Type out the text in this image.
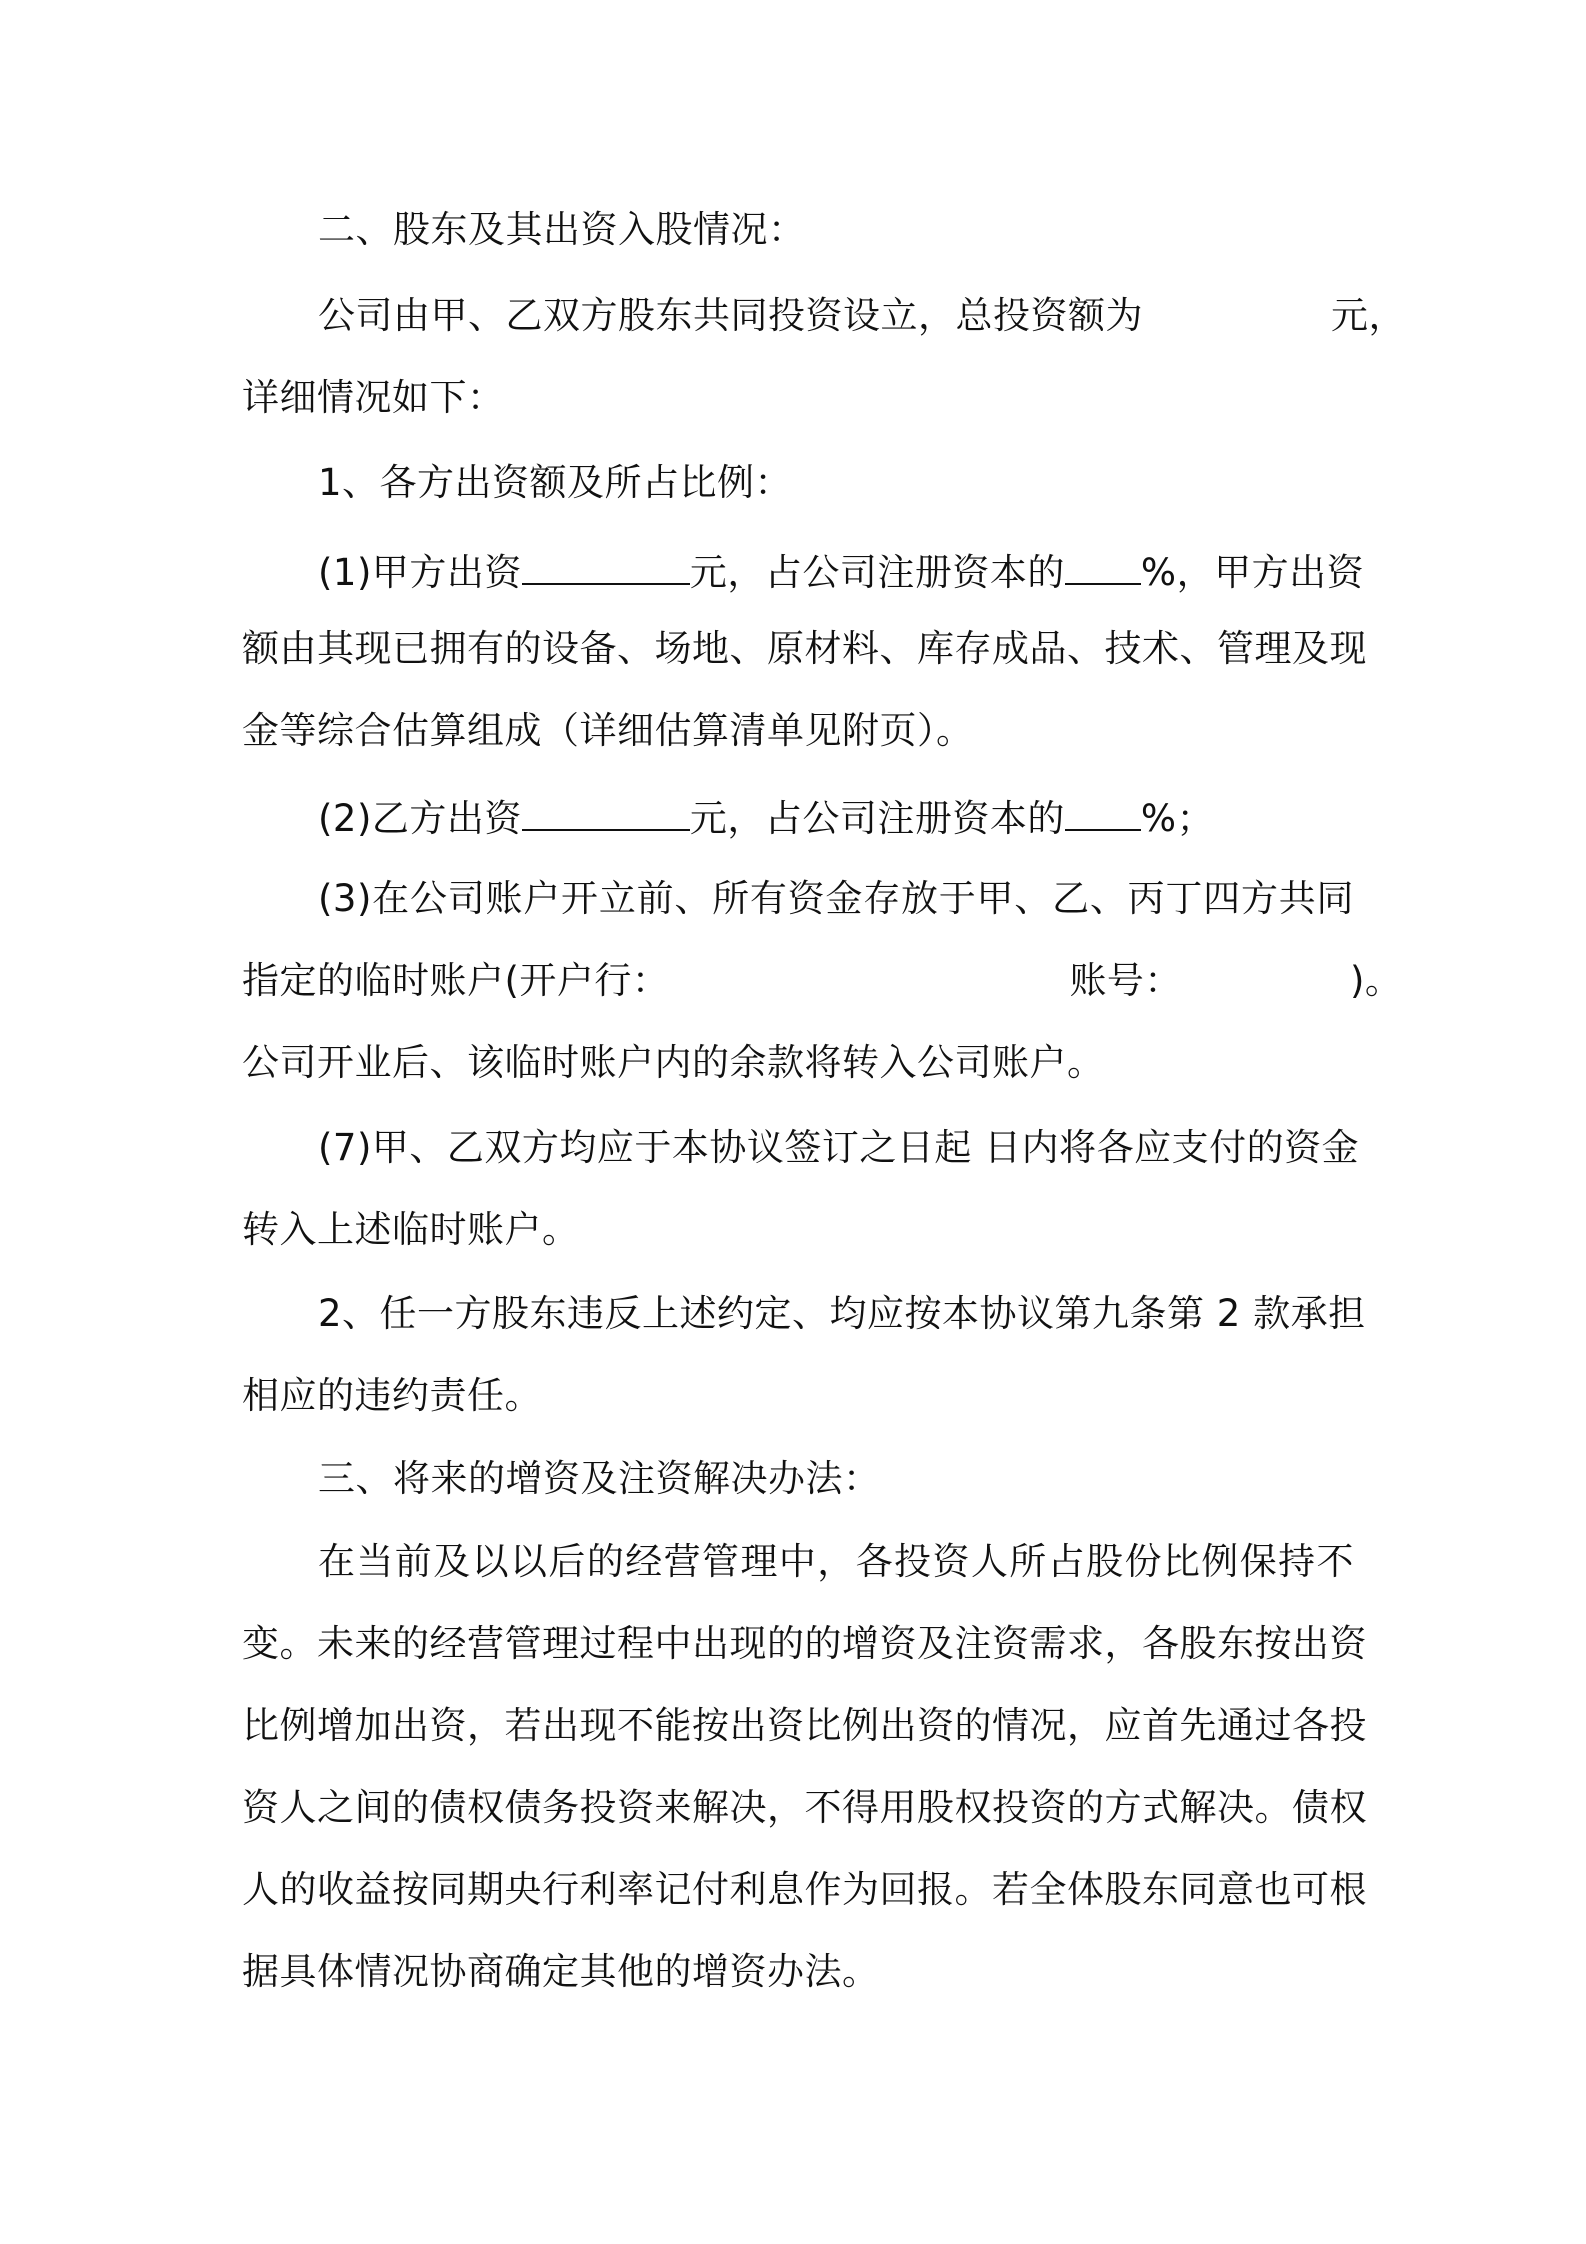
二、股东及其出资入股情况：
公司由甲、乙双方股东共同投资设立，总投资额为	元，
详细情况如下：
1、各方出资额及所占比例：
(1)甲方出资	元，占公司注册资本的 %，甲方出资
额由其现已拥有的设备、场地、原材料、库存成品、技术、管理及现
金等综合估算组成（详细估算清单见附页）。
(2)乙方出资	元，占公司注册资本的 %；
(3)在公司账户开立前、所有资金存放于甲、乙、丙丁四方共同
指定的临时账户(开户行：	账号：	)。
公司开业后、该临时账户内的余款将转入公司账户。
(7)甲、乙双方均应于本协议签订之日起 日内将各应支付的资金
转入上述临时账户。
2、任一方股东违反上述约定、均应按本协议第九条第 2 款承担
相应的违约责任。
三、将来的增资及注资解决办法：
在当前及以以后的经营管理中，各投资人所占股份比例保持不
变。未来的经营管理过程中出现的的增资及注资需求，各股东按出资
比例增加出资，若出现不能按出资比例出资的情况，应首先通过各投
资人之间的债权债务投资来解决，不得用股权投资的方式解决。债权
人的收益按同期央行利率记付利息作为回报。若全体股东同意也可根
据具体情况协商确定其他的增资办法。
